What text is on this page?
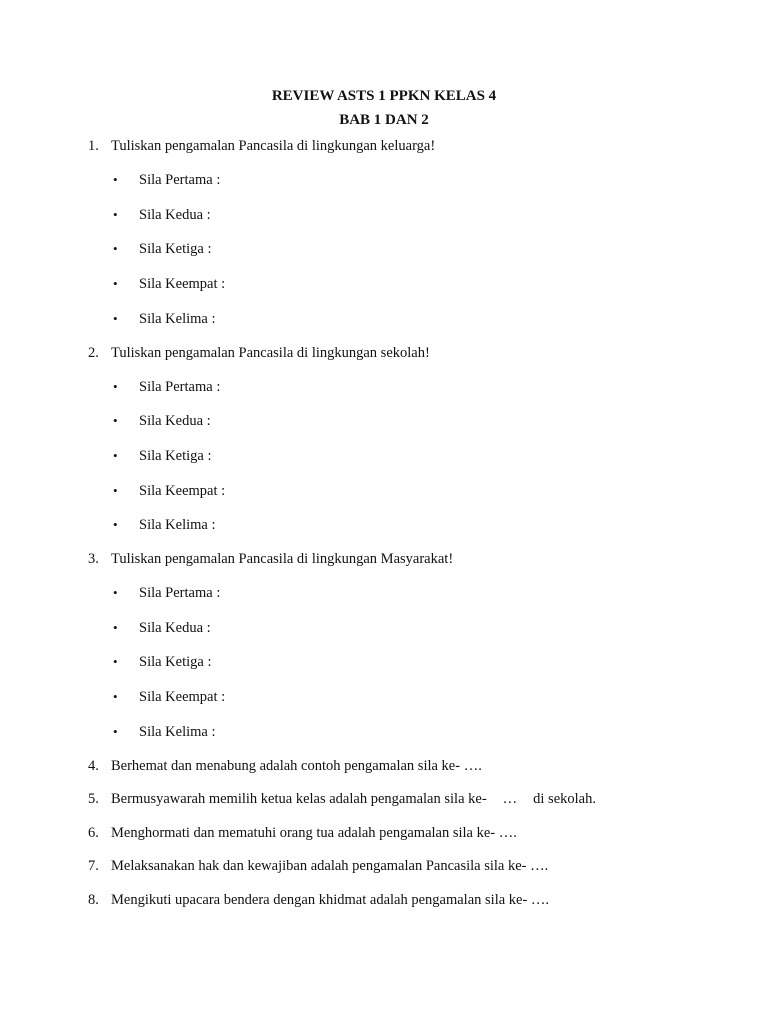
REVIEW ASTS 1 PPKN KELAS 4
BAB 1 DAN 2
1. Tuliskan pengamalan Pancasila di lingkungan keluarga!
• Sila Pertama :
• Sila Kedua :
• Sila Ketiga :
• Sila Keempat :
• Sila Kelima :
2. Tuliskan pengamalan Pancasila di lingkungan sekolah!
• Sila Pertama :
• Sila Kedua :
• Sila Ketiga :
• Sila Keempat :
• Sila Kelima :
3. Tuliskan pengamalan Pancasila di lingkungan Masyarakat!
• Sila Pertama :
• Sila Kedua :
• Sila Ketiga :
• Sila Keempat :
• Sila Kelima :
4. Berhemat dan menabung adalah contoh pengamalan sila ke- ….
5. Bermusyawarah memilih ketua kelas adalah pengamalan sila ke- … di sekolah.
6. Menghormati dan mematuhi orang tua adalah pengamalan sila ke- ….
7. Melaksanakan hak dan kewajiban adalah pengamalan Pancasila sila ke- ….
8. Mengikuti upacara bendera dengan khidmat adalah pengamalan sila ke- ….
